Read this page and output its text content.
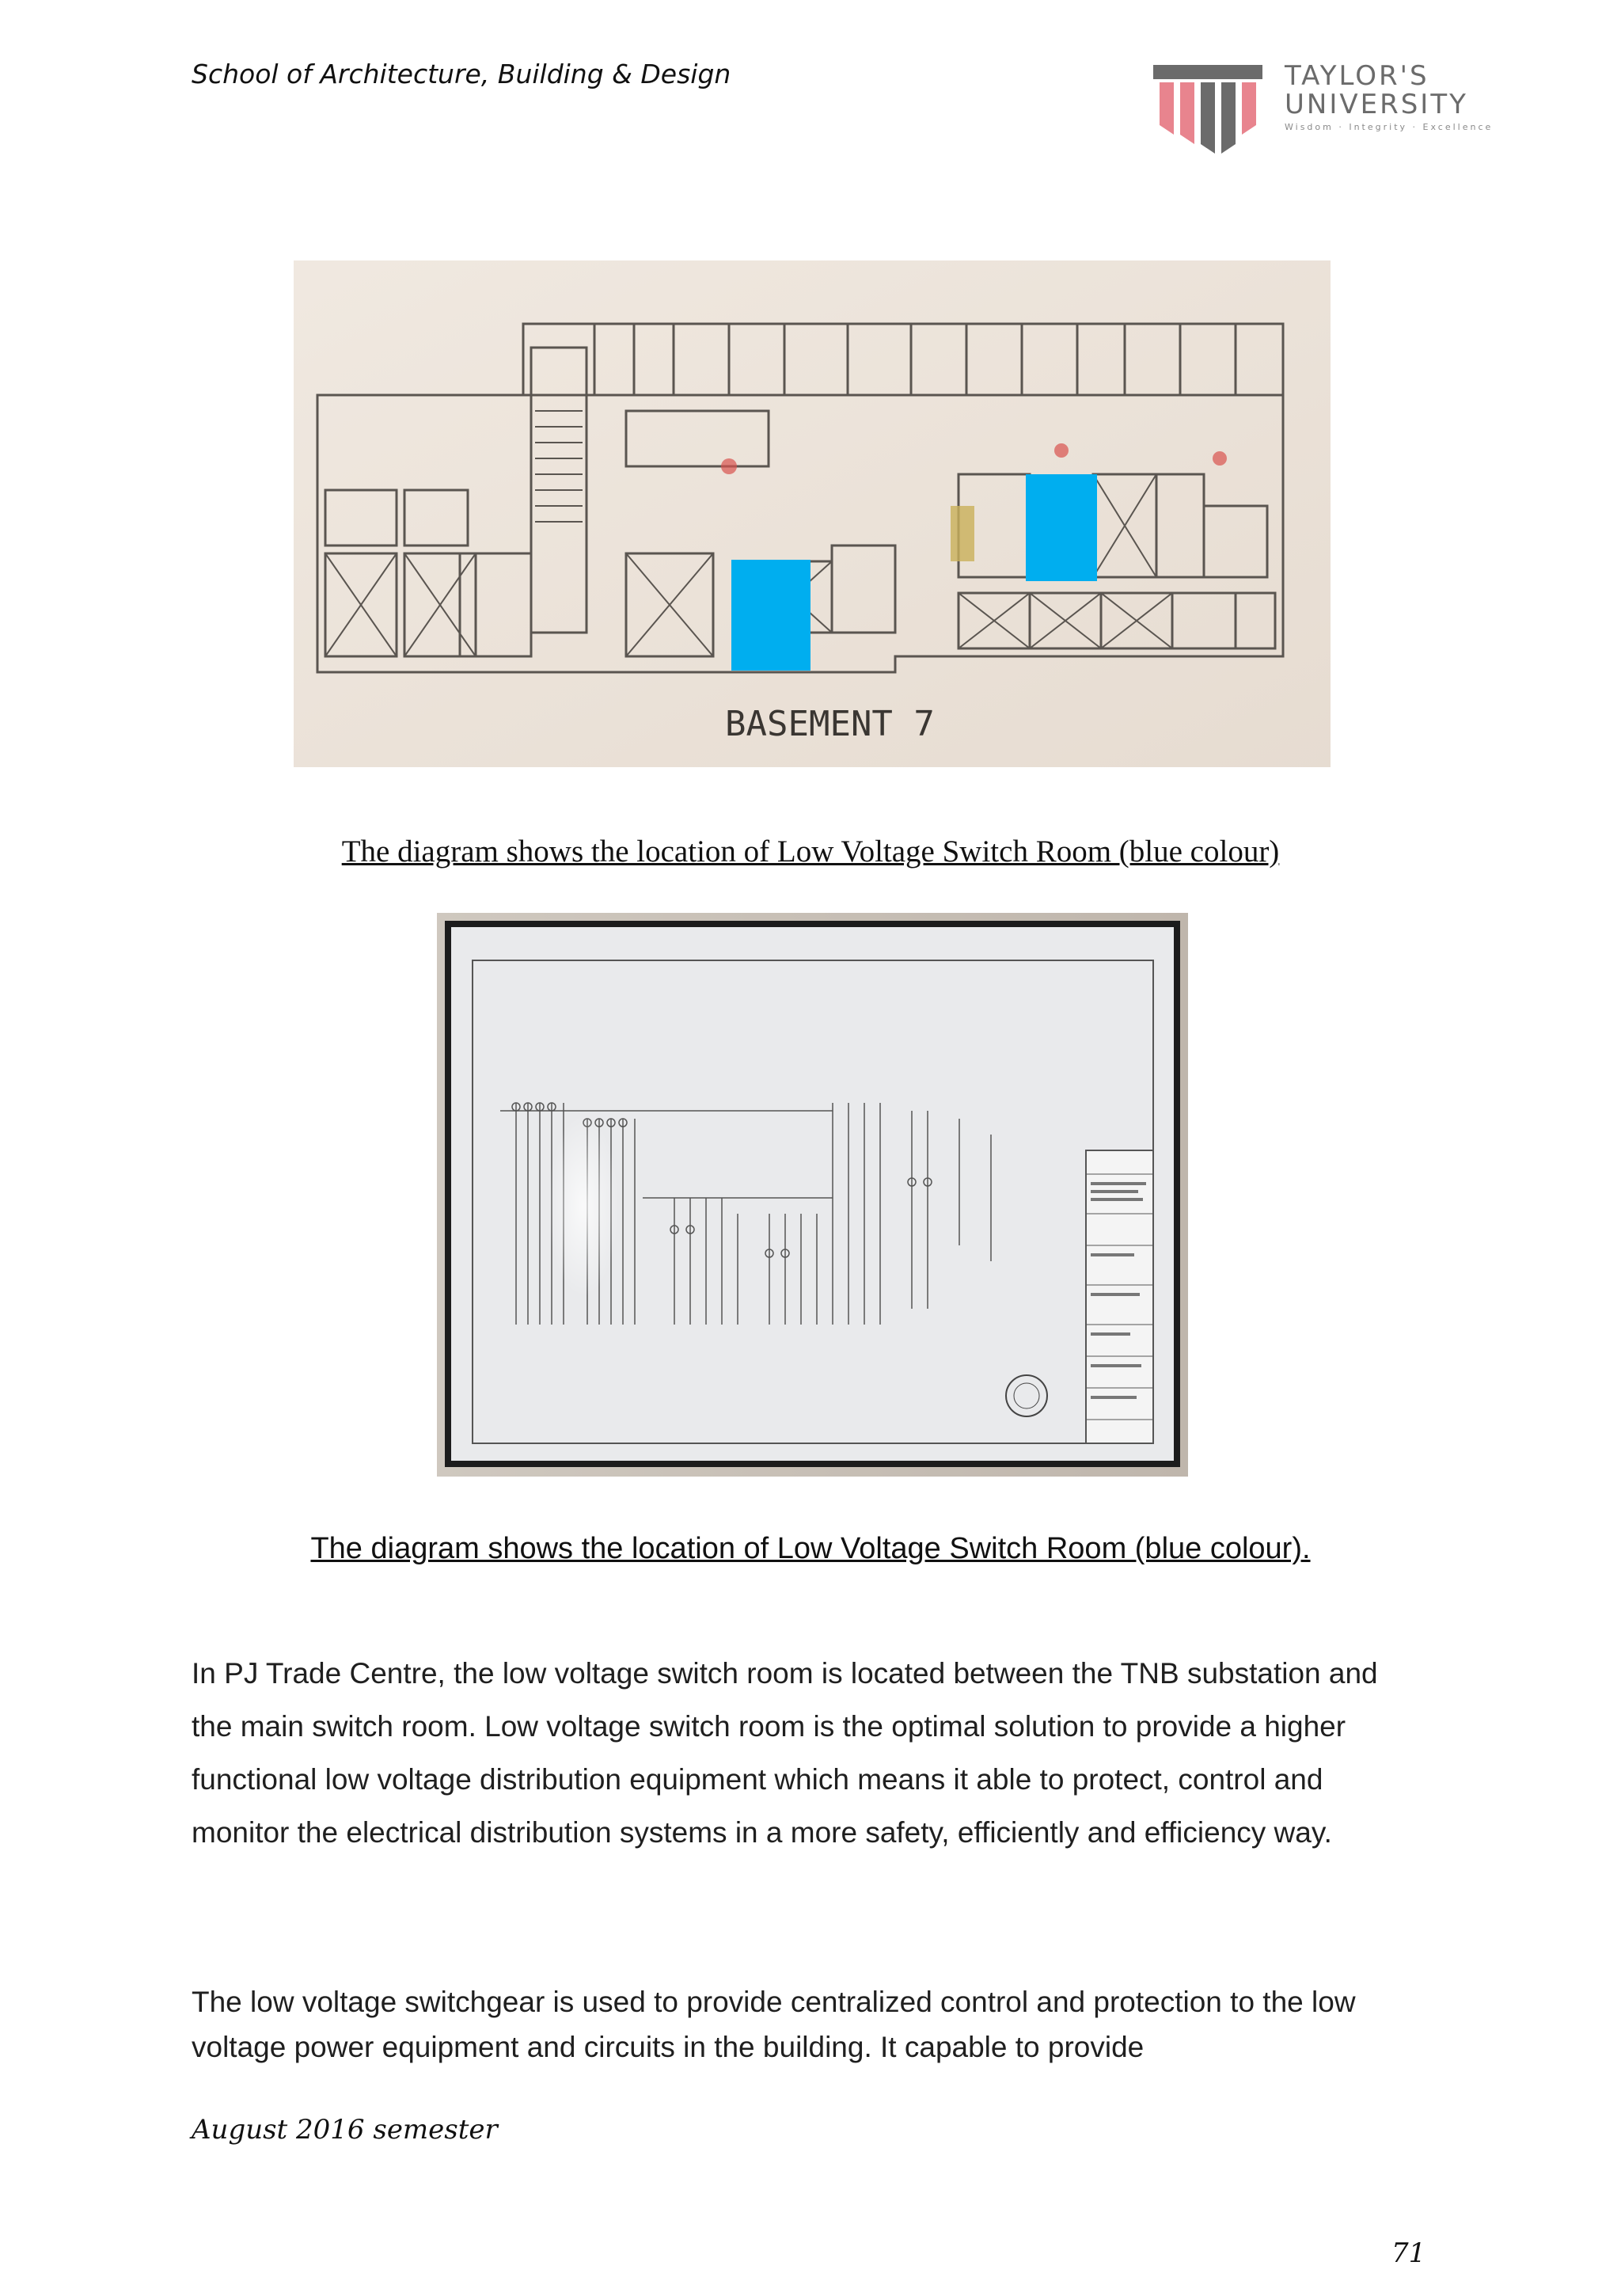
School of Architecture, Building & Design	TAYLOR'S
UNIVERSITY
Wisdom · Integrity · Excellence
BASEMENT 7
The diagram shows the location of Low Voltage Switch Room (blue colour)
The diagram shows the location of Low Voltage Switch Room (blue colour).

In PJ Trade Centre, the low voltage switch room is located between the TNB substation and the main switch room. Low voltage switch room is the optimal solution to provide a higher functional low voltage distribution equipment which means it able to protect, control and monitor the electrical distribution systems in a more safety, efficiently and efficiency way.

The low voltage switchgear is used to provide centralized control and protection to the low voltage power equipment and circuits in the building. It capable to provide

August 2016 semester
71
